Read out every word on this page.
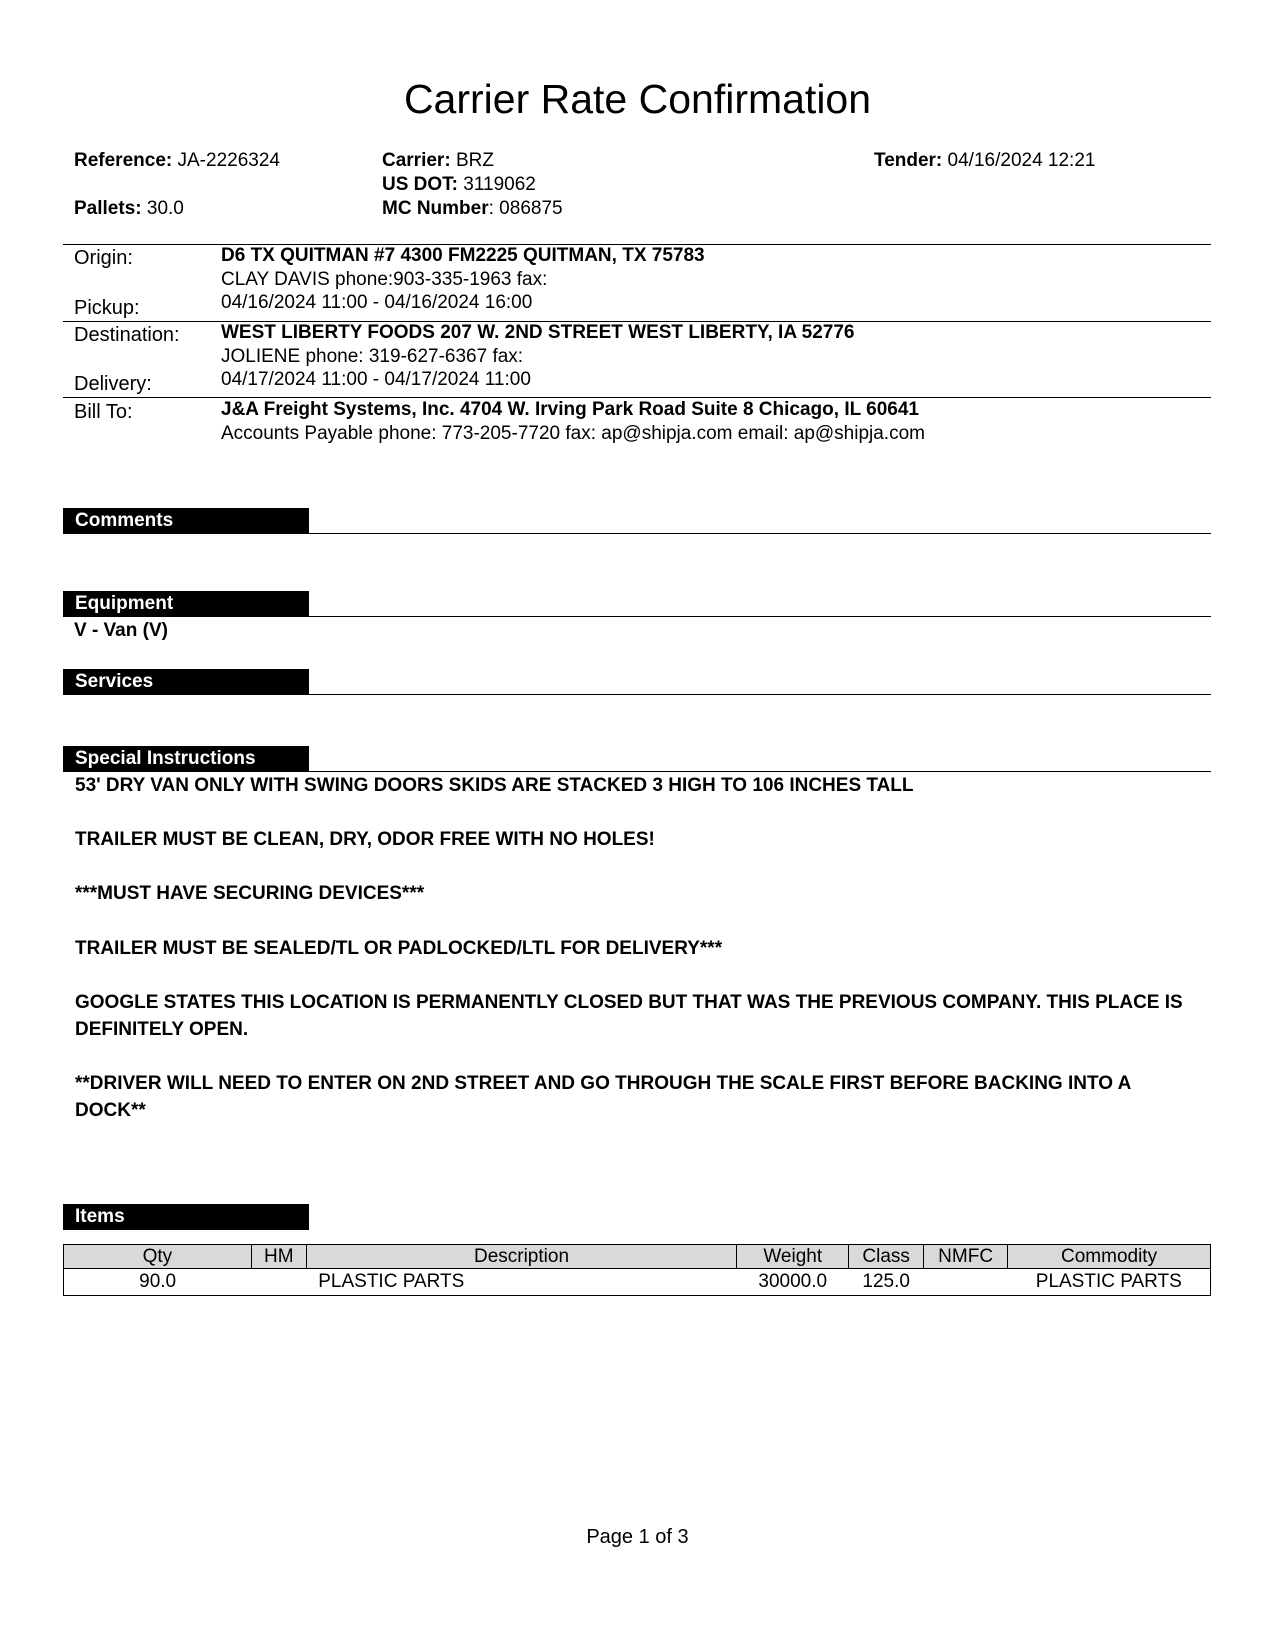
Carrier Rate Confirmation
Reference: JA-2226324
Pallets: 30.0
Carrier: BRZ
US DOT: 3119062
MC Number: 086875
Tender: 04/16/2024 12:21
Origin:	D6 TX QUITMAN #7 4300 FM2225 QUITMAN, TX 75783
CLAY DAVIS phone:903-335-1963 fax:
Pickup:	04/16/2024 11:00 - 04/16/2024 16:00
Destination: WEST LIBERTY FOODS 207 W. 2ND STREET WEST LIBERTY, IA 52776
JOLIENE phone: 319-627-6367 fax:
Delivery:	04/17/2024 11:00 - 04/17/2024 11:00
Bill To:	J&A Freight Systems, Inc. 4704 W. Irving Park Road Suite 8 Chicago, IL 60641
Accounts Payable phone: 773-205-7720 fax: ap@shipja.com email: ap@shipja.com
Comments
Equipment
V - Van (V)
Services
Special Instructions
53' DRY VAN ONLY WITH SWING DOORS SKIDS ARE STACKED 3 HIGH TO 106 INCHES TALL
TRAILER MUST BE CLEAN, DRY, ODOR FREE WITH NO HOLES!
***MUST HAVE SECURING DEVICES***
TRAILER MUST BE SEALED/TL OR PADLOCKED/LTL FOR DELIVERY***
GOOGLE STATES THIS LOCATION IS PERMANENTLY CLOSED BUT THAT WAS THE PREVIOUS COMPANY. THIS PLACE IS DEFINITELY OPEN.
**DRIVER WILL NEED TO ENTER ON 2ND STREET AND GO THROUGH THE SCALE FIRST BEFORE BACKING INTO A DOCK**
Items
Qty	HM	Description	Weight	Class	NMFC	Commodity
90.0		PLASTIC PARTS	30000.0	125.0		PLASTIC PARTS
Page 1 of 3
